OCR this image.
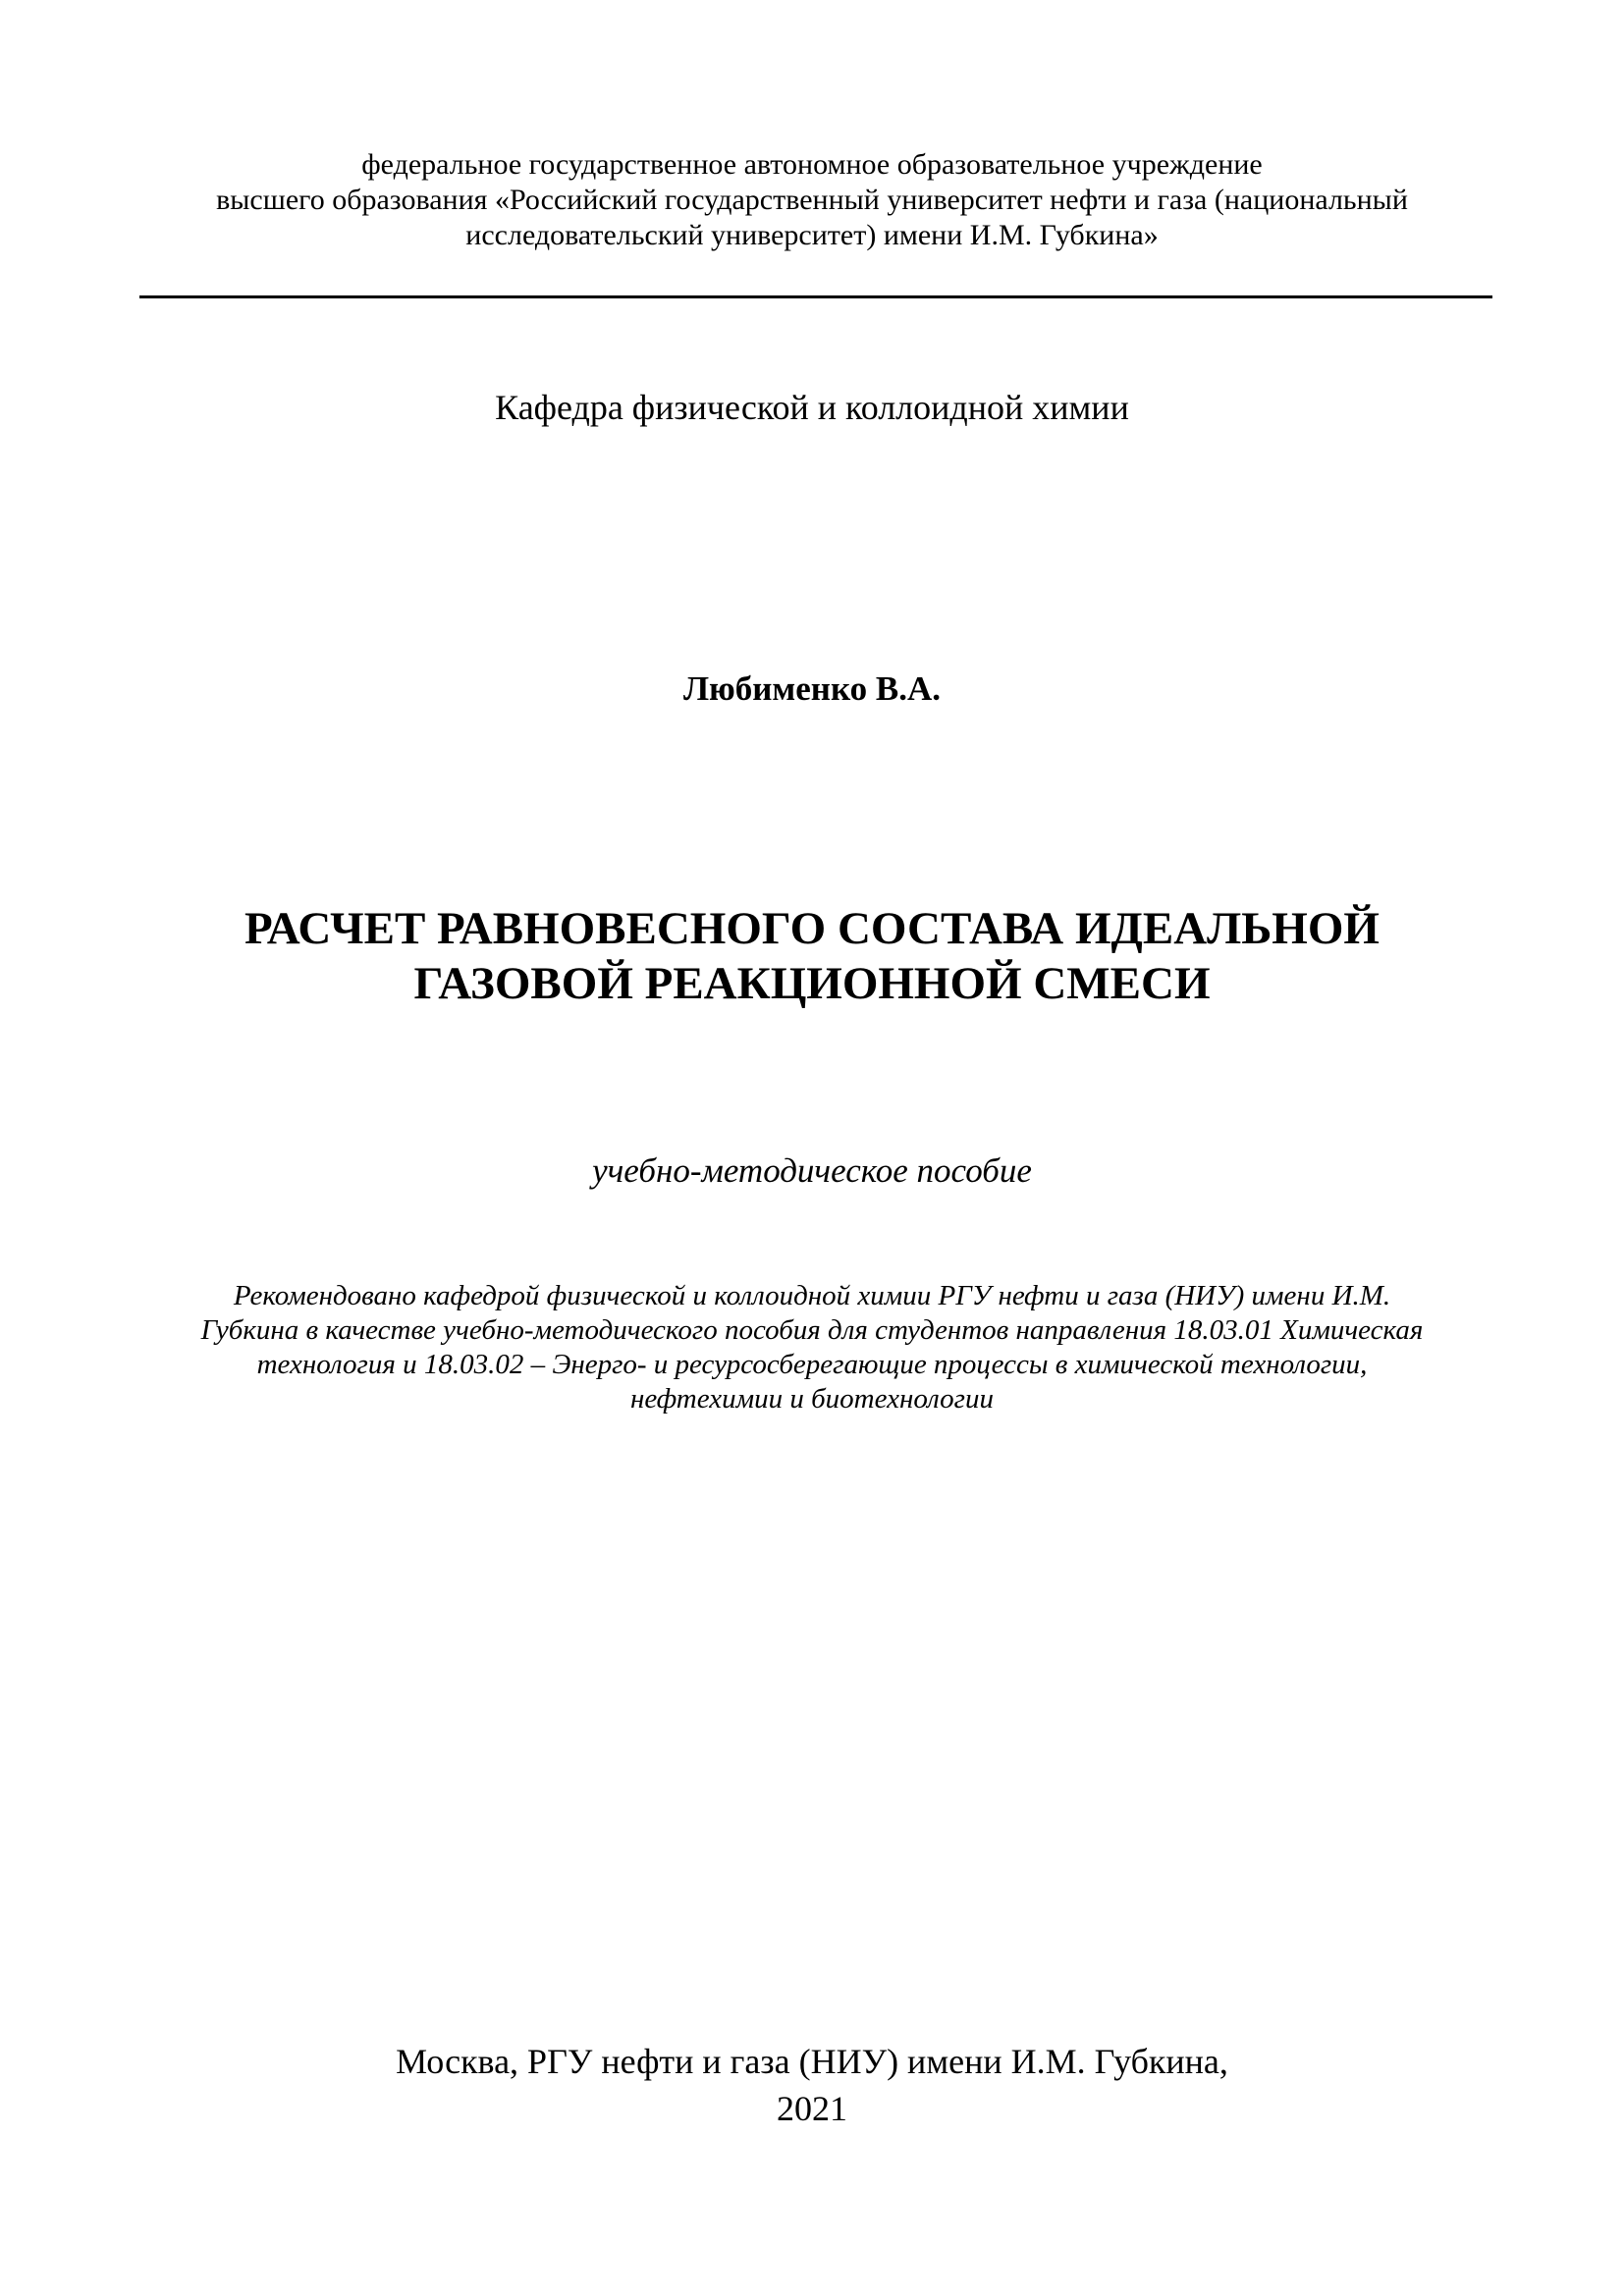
федеральное государственное автономное образовательное учреждение
высшего образования «Российский государственный университет нефти и газа (национальный
исследовательский университет) имени И.М. Губкина»
Кафедра физической и коллоидной химии
Любименко В.А.
РАСЧЕТ РАВНОВЕСНОГО СОСТАВА ИДЕАЛЬНОЙ
ГАЗОВОЙ РЕАКЦИОННОЙ СМЕСИ
учебно-методическое пособие
Рекомендовано кафедрой физической и коллоидной химии РГУ нефти и газа (НИУ) имени И.М.
Губкина в качестве учебно-методического пособия для студентов направления 18.03.01 Химическая
технология и 18.03.02 – Энерго- и ресурсосберегающие процессы в химической технологии,
нефтехимии и биотехнологии
Москва, РГУ нефти и газа (НИУ) имени И.М. Губкина,
2021
